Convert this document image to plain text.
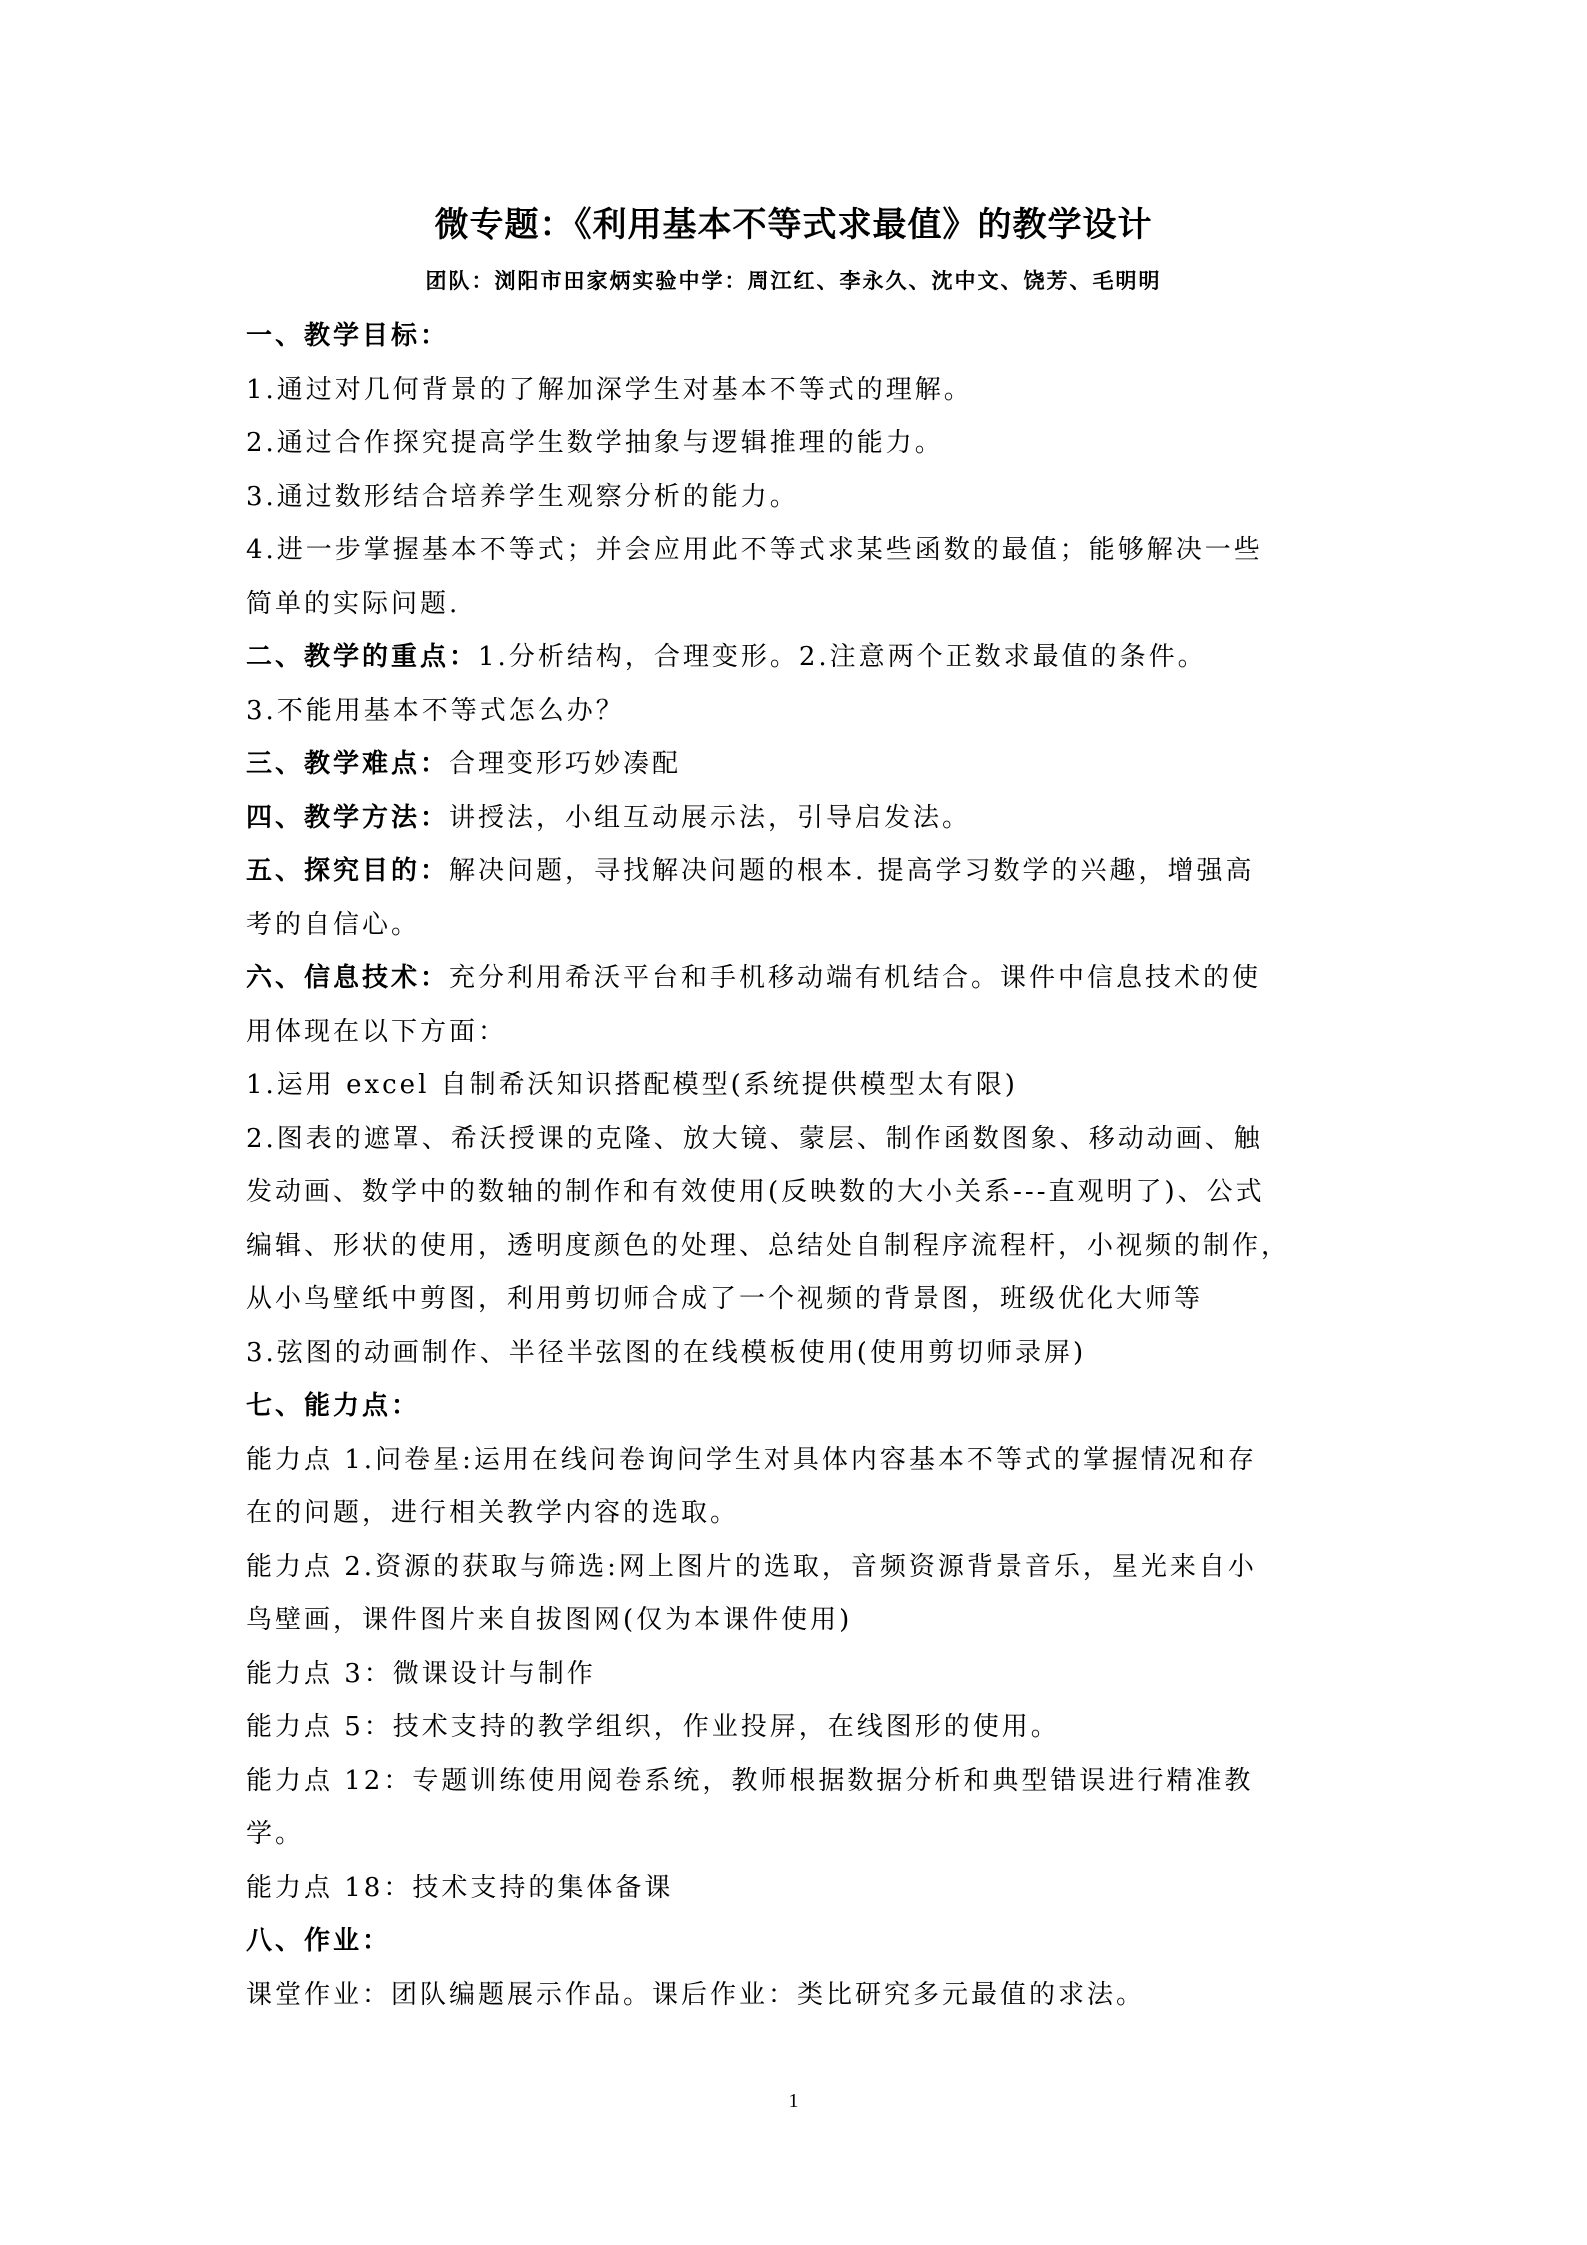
微专题：《利用基本不等式求最值》的教学设计
团队：浏阳市田家炳实验中学：周江红、李永久、沈中文、饶芳、毛明明
一、教学目标：
1.通过对几何背景的了解加深学生对基本不等式的理解。
2.通过合作探究提高学生数学抽象与逻辑推理的能力。
3.通过数形结合培养学生观察分析的能力。
4.进一步掌握基本不等式；并会应用此不等式求某些函数的最值；能够解决一些
简单的实际问题.
二、教学的重点：1.分析结构，合理变形。2.注意两个正数求最值的条件。
3.不能用基本不等式怎么办？
三、教学难点：合理变形巧妙凑配
四、教学方法：讲授法，小组互动展示法，引导启发法。
五、探究目的：解决问题，寻找解决问题的根本. 提高学习数学的兴趣，增强高
考的自信心。
六、信息技术：充分利用希沃平台和手机移动端有机结合。课件中信息技术的使
用体现在以下方面：
1.运用 excel 自制希沃知识搭配模型(系统提供模型太有限)
2.图表的遮罩、希沃授课的克隆、放大镜、蒙层、制作函数图象、移动动画、触
发动画、数学中的数轴的制作和有效使用(反映数的大小关系---直观明了)、公式
编辑、形状的使用，透明度颜色的处理、总结处自制程序流程杆，小视频的制作，
从小鸟壁纸中剪图，利用剪切师合成了一个视频的背景图，班级优化大师等
3.弦图的动画制作、半径半弦图的在线模板使用(使用剪切师录屏)
七、能力点：
能力点 1.问卷星:运用在线问卷询问学生对具体内容基本不等式的掌握情况和存
在的问题，进行相关教学内容的选取。
能力点 2.资源的获取与筛选:网上图片的选取，音频资源背景音乐，星光来自小
鸟壁画，课件图片来自拔图网(仅为本课件使用)
能力点 3：微课设计与制作
能力点 5：技术支持的教学组织，作业投屏，在线图形的使用。
能力点 12：专题训练使用阅卷系统，教师根据数据分析和典型错误进行精准教
学。
能力点 18：技术支持的集体备课
八、作业：
课堂作业：团队编题展示作品。课后作业：类比研究多元最值的求法。
1
